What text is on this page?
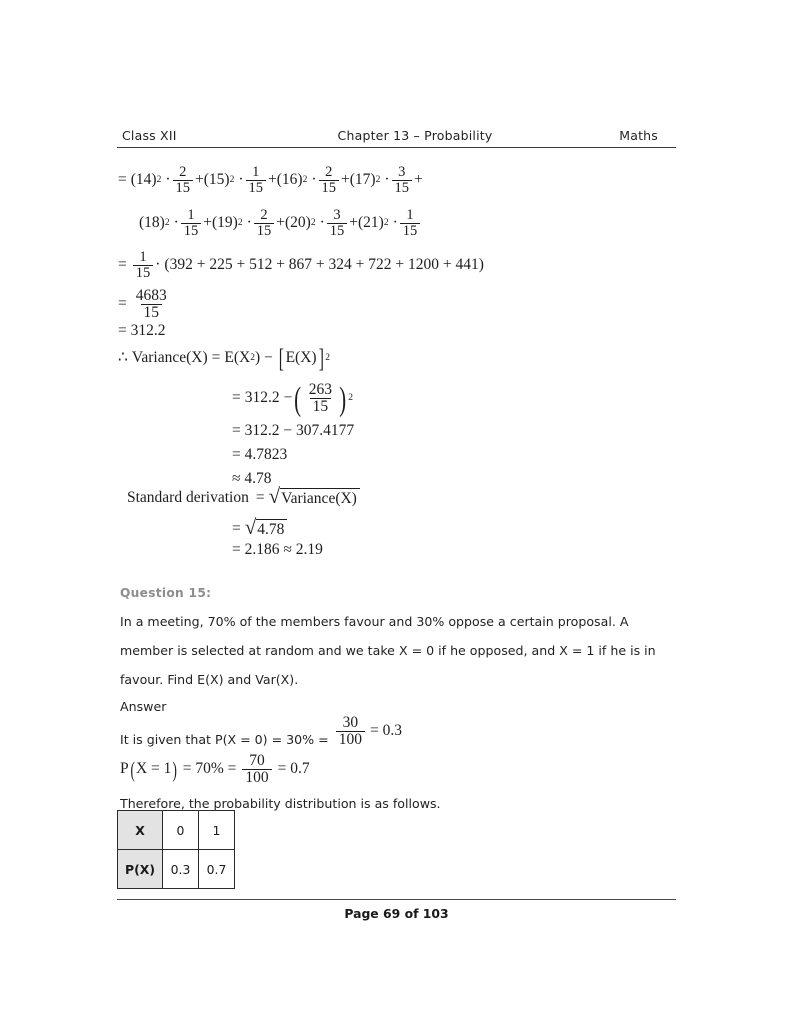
Class XII	Chapter 13 – Probability	Maths
= (14) $2 \cdot \frac{2}{15} + (15) 2 \cdot \frac{1}{15} + (16) 2 \cdot \frac{2}{15} + (17) 2 \cdot \frac{3}{15}$ +
(18) $2 \cdot \frac{1}{15} + (19) 2 \cdot \frac{2}{15} + (20) 2 \cdot \frac{3}{15} + (21) 2 \cdot \frac{1}{15}$
= $\frac{1}{15} \cdot (392 + 225 + 512 + 867 + 324 + 722 + 1200 + 441)$
= $\frac{4683}{15}$
= 312.2
∴ Variance (X) = E ( X 2 ) − [ E(X) ] 2
= 312.2 − ( $\frac{263}{15}$ ) 2
= 312.2 − 307.4177
= 4.7823
≈ 4.78
Standard derivation = √ Variance(X)
= √ 4.78
= 2.186 ≈ 2.19
Question 15:
In a meeting, 70% of the members favour and 30% oppose a certain proposal. A
member is selected at random and we take X = 0 if he opposed, and X = 1 if he is in
favour. Find E(X) and Var(X).
Answer
It is given that $P(X = 0) = 30\% = \frac{30}{100} = 0.3$
P ( X = 1 ) = $70\% = \frac{70}{100} = 0.7$
Therefore, the probability distribution is as follows.
X	0	1
P(X)	0.3	0.7
Page 69 of 103
